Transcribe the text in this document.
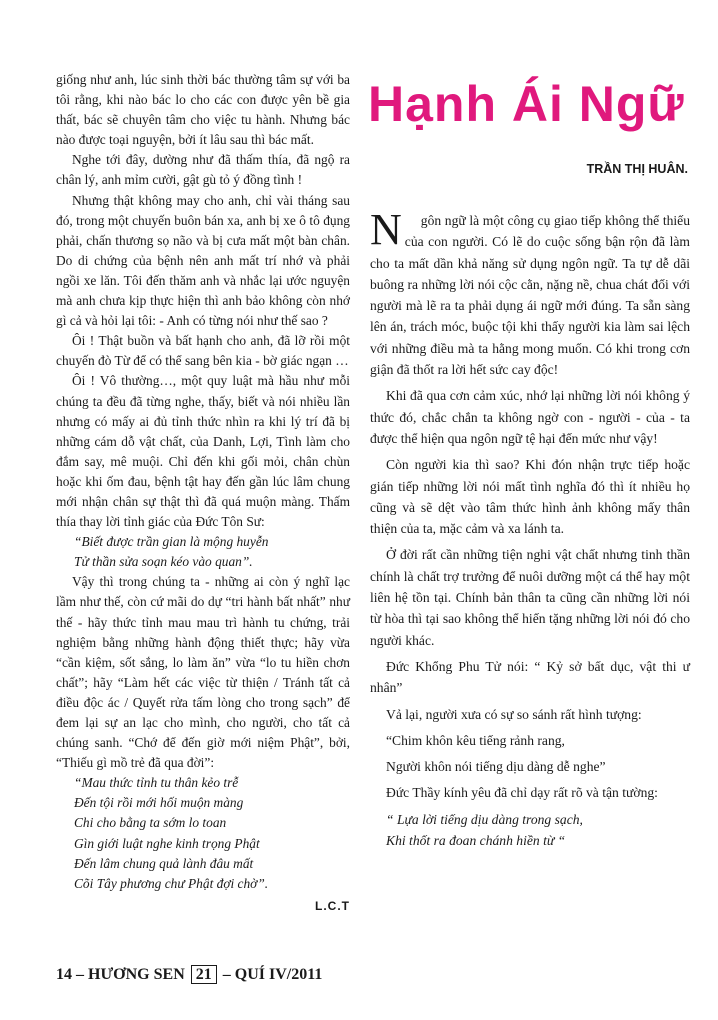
Hạnh Ái Ngữ
TRẦN THỊ HUÂN.

giống như anh, lúc sinh thời bác thường tâm sự với ba tôi rằng, khi nào bác lo cho các con được yên bề gia thất, bác sẽ chuyên tâm cho việc tu hành. Nhưng bác nào được toại nguyện, bởi ít lâu sau thì bác mất.

Nghe tới đây, dường như đã thấm thía, đã ngộ ra chân lý, anh mỉm cười, gật gù tỏ ý đồng tình !

Nhưng thật không may cho anh, chỉ vài tháng sau đó, trong một chuyến buôn bán xa, anh bị xe ô tô đụng phải, chấn thương sọ não và bị cưa mất một bàn chân. Do di chứng của bệnh nên anh mất trí nhớ và phải ngồi xe lăn. Tôi đến thăm anh và nhắc lại ước nguyện mà anh chưa kịp thực hiện thì anh bảo không còn nhớ gì cả và hỏi lại tôi: - Anh có từng nói như thế sao ?

Ôi ! Thật buồn và bất hạnh cho anh, đã lỡ rồi một chuyến đò Từ để có thể sang bên kia - bờ giác ngạn …

Ôi ! Vô thường…, một quy luật mà hầu như mỗi chúng ta đều đã từng nghe, thấy, biết và nói nhiều lần nhưng có mấy ai đủ tỉnh thức nhìn ra khi lý trí đã bị những cám dỗ vật chất, của Danh, Lợi, Tình làm cho đắm say, mê muội. Chỉ đến khi gối mỏi, chân chùn hoặc khi ốm đau, bệnh tật hay đến gần lúc lâm chung mới nhận chân sự thật thì đã quá muộn màng. Thấm thía thay lời tỉnh giác của Đức Tôn Sư:

“Biết được trần gian là mộng huyễn

Tử thần sửa soạn kéo vào quan”.

Vậy thì trong chúng ta - những ai còn ý nghĩ lạc lầm như thế, còn cứ mãi do dự “tri hành bất nhất” như thế - hãy thức tỉnh mau mau trì hành tu chứng, trải nghiệm bằng những hành động thiết thực; hãy vừa “cần kiệm, sốt sắng, lo làm ăn” vừa “lo tu hiền chơn chất”; hãy “Làm hết các việc từ thiện / Tránh tất cả điều độc ác / Quyết rửa tấm lòng cho trong sạch” để đem lại sự an lạc cho mình, cho người, cho tất cả chúng sanh. “Chớ để đến giờ mới niệm Phật”, bởi, “Thiếu gì mồ trẻ đã qua đời”:

“Mau thức tỉnh tu thân kẻo trễ

Đến tội rồi mới hối muộn màng

Chi cho bằng ta sớm lo toan

Gìn giới luật nghe kinh trọng Phật

Đến lâm chung quả lành đâu mất

Cõi Tây phương chư Phật đợi chờ”.

L.C.T

N gôn ngữ là một công cụ giao tiếp không thể thiếu của con người. Có lẽ do cuộc sống bận rộn đã làm cho ta mất dần khả năng sử dụng ngôn ngữ. Ta tự dễ dãi buông ra những lời nói cộc cằn, nặng nề, chua chát đối với người mà lẽ ra ta phải dụng ái ngữ mới đúng. Ta sẵn sàng lên án, trách móc, buộc tội khi thấy người kia làm sai lệch với những điều mà ta hằng mong muốn. Có khi trong cơn giận đã thốt ra lời hết sức cay độc!

Khi đã qua cơn cảm xúc, nhớ lại những lời nói không ý thức đó, chắc chắn ta không ngờ con - người - của - ta được thể hiện qua ngôn ngữ tệ hại đến mức như vậy!

Còn người kia thì sao? Khi đón nhận trực tiếp hoặc gián tiếp những lời nói mất tình nghĩa đó thì ít nhiều họ cũng và sẽ dệt vào tâm thức hình ảnh không mấy thân thiện của ta, mặc cảm và xa lánh ta.

Ở đời rất cần những tiện nghi vật chất nhưng tinh thần chính là chất trợ trưởng để nuôi dưỡng một cá thể hay một liên hệ tồn tại. Chính bản thân ta cũng cần những lời nói từ hòa thì tại sao không thể hiến tặng những lời nói đó cho người khác.

Đức Khổng Phu Tử nói: “ Kỷ sở bất dục, vật thi ư nhân”

Vả lại, người xưa có sự so sánh rất hình tượng:

“Chim khôn kêu tiếng rảnh rang,

Người khôn nói tiếng dịu dàng dễ nghe”

Đức Thầy kính yêu đã chỉ dạy rất rõ và tận tường:

“ Lựa lời tiếng dịu dàng trong sạch,

Khi thốt ra đoan chánh hiền từ “

14 – HƯƠNG SEN 21 – QUÍ IV/2011
